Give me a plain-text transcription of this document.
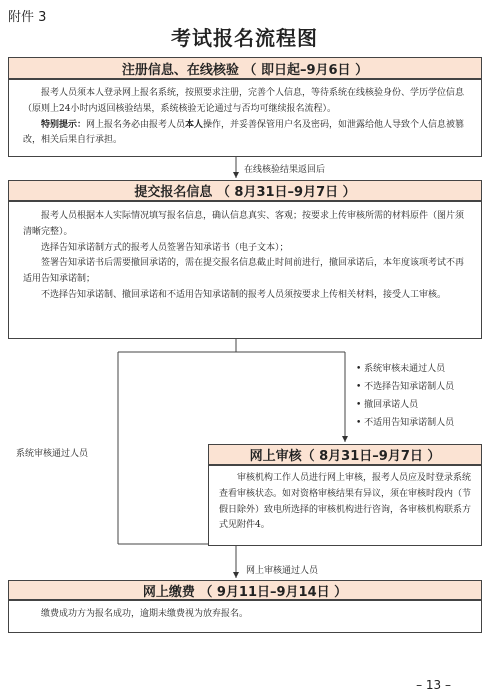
附件 3
考试报名流程图
注册信息、在线核验 （ 即日起–9月6日 ）

报考人员须本人登录网上报名系统，按照要求注册，完善个人信息，等待系统在线核验身份、学历学位信息（原则上24小时内返回核验结果，系统核验无论通过与否均可继续报名流程）。

特别提示：网上报名务必由报考人员本人操作，并妥善保管用户名及密码，如泄露给他人导致个人信息被篡改，相关后果自行承担。

在线核验结果返回后
提交报名信息 （ 8月31日–9月7日 ）

报考人员根据本人实际情况填写报名信息，确认信息真实、客观；按要求上传审核所需的材料原件（图片须清晰完整）。

选择告知承诺制方式的报考人员签署告知承诺书（电子文本）；

签署告知承诺书后需要撤回承诺的，需在提交报名信息截止时间前进行，撤回承诺后，本年度该项考试不再适用告知承诺制；

不选择告知承诺制、撤回承诺和不适用告知承诺制的报考人员须按要求上传相关材料，接受人工审核。

• 系统审核未通过人员
• 不选择告知承诺制人员
• 撤回承诺人员
• 不适用告知承诺制人员
系统审核通过人员	网上审核（ 8月31日–9月7日 ）

审核机构工作人员进行网上审核，报考人员应及时登录系统查看审核状态。如对资格审核结果有异议，须在审核时段内（节假日除外）致电所选择的审核机构进行咨询，各审核机构联系方式见附件4。

网上审核通过人员
网上缴费 （ 9月11日–9月14日 ）

缴费成功方为报名成功，逾期未缴费视为放弃报名。

– 13 –
